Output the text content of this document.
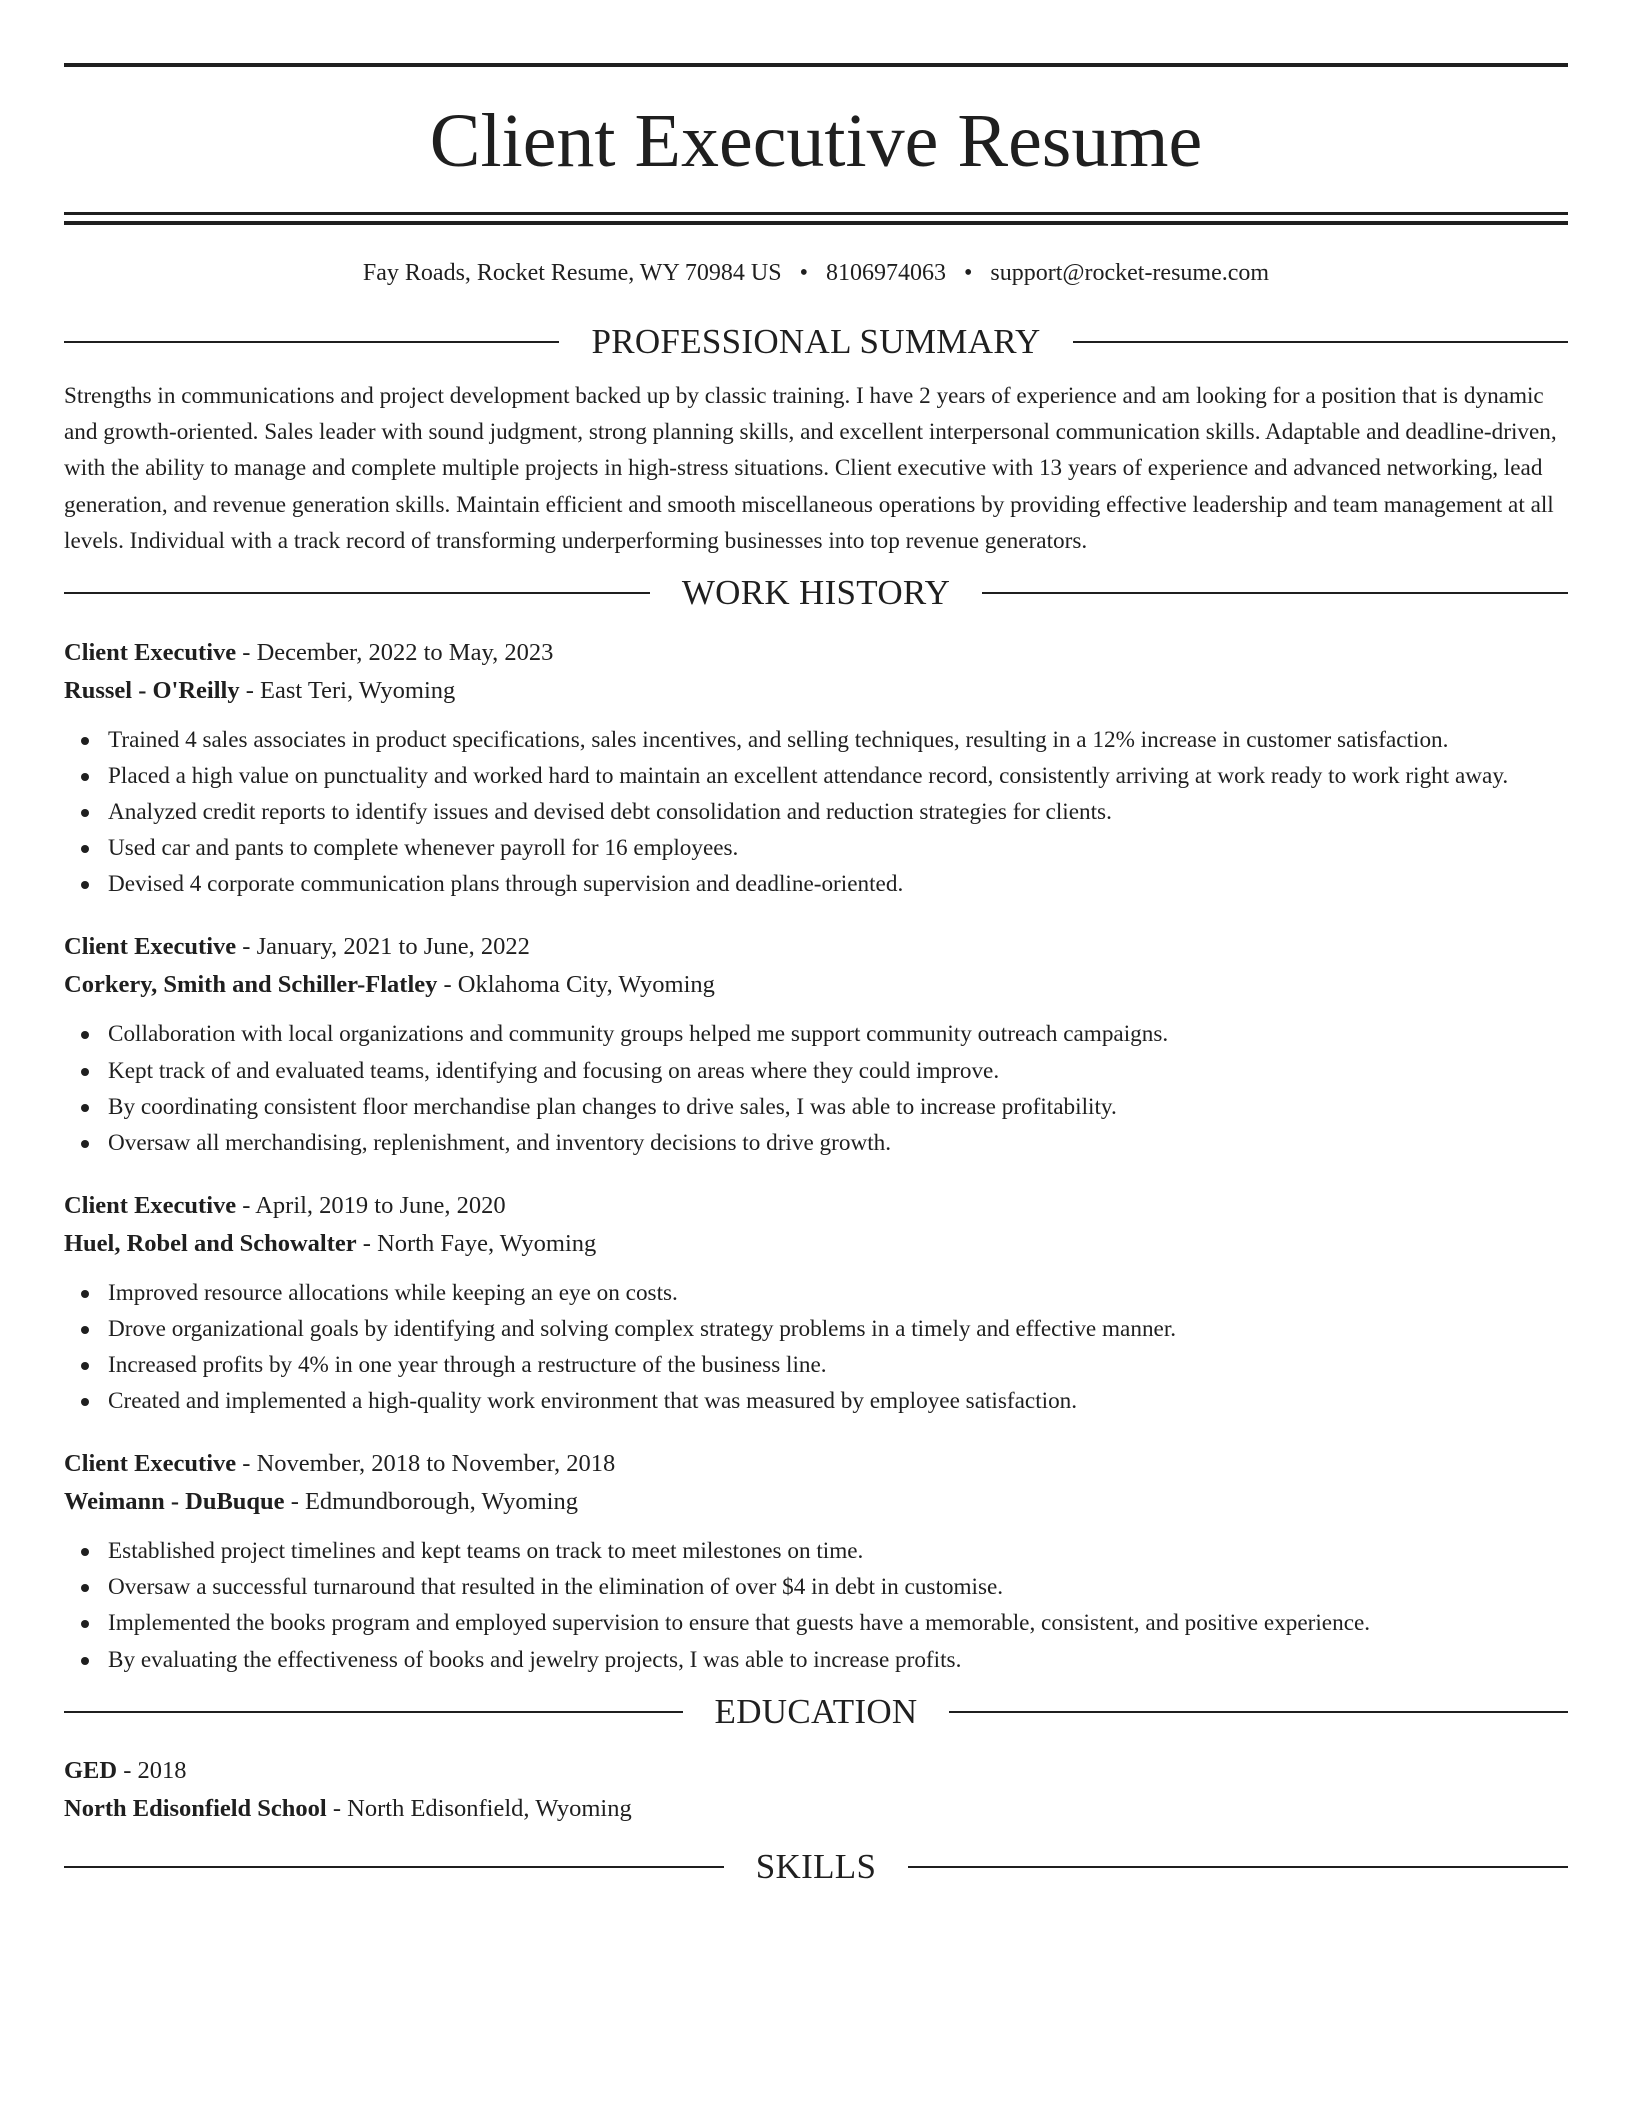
Client Executive Resume
Fay Roads, Rocket Resume, WY 70984 US • 8106974063 • support@rocket-resume.com
PROFESSIONAL SUMMARY

Strengths in communications and project development backed up by classic training. I have 2 years of experience and am looking for a position that is dynamic and growth-oriented. Sales leader with sound judgment, strong planning skills, and excellent interpersonal communication skills. Adaptable and deadline-driven, with the ability to manage and complete multiple projects in high-stress situations. Client executive with 13 years of experience and advanced networking, lead generation, and revenue generation skills. Maintain efficient and smooth miscellaneous operations by providing effective leadership and team management at all levels. Individual with a track record of transforming underperforming businesses into top revenue generators.

WORK HISTORY
Client Executive - December, 2022 to May, 2023
Russel - O'Reilly - East Teri, Wyoming
Trained 4 sales associates in product specifications, sales incentives, and selling techniques, resulting in a 12% increase in customer satisfaction.
Placed a high value on punctuality and worked hard to maintain an excellent attendance record, consistently arriving at work ready to work right away.
Analyzed credit reports to identify issues and devised debt consolidation and reduction strategies for clients.
Used car and pants to complete whenever payroll for 16 employees.
Devised 4 corporate communication plans through supervision and deadline-oriented.
Client Executive - January, 2021 to June, 2022
Corkery, Smith and Schiller-Flatley - Oklahoma City, Wyoming
Collaboration with local organizations and community groups helped me support community outreach campaigns.
Kept track of and evaluated teams, identifying and focusing on areas where they could improve.
By coordinating consistent floor merchandise plan changes to drive sales, I was able to increase profitability.
Oversaw all merchandising, replenishment, and inventory decisions to drive growth.
Client Executive - April, 2019 to June, 2020
Huel, Robel and Schowalter - North Faye, Wyoming
Improved resource allocations while keeping an eye on costs.
Drove organizational goals by identifying and solving complex strategy problems in a timely and effective manner.
Increased profits by 4% in one year through a restructure of the business line.
Created and implemented a high-quality work environment that was measured by employee satisfaction.
Client Executive - November, 2018 to November, 2018
Weimann - DuBuque - Edmundborough, Wyoming
Established project timelines and kept teams on track to meet milestones on time.
Oversaw a successful turnaround that resulted in the elimination of over $4 in debt in customise.
Implemented the books program and employed supervision to ensure that guests have a memorable, consistent, and positive experience.
By evaluating the effectiveness of books and jewelry projects, I was able to increase profits.
EDUCATION
GED - 2018
North Edisonfield School - North Edisonfield, Wyoming
SKILLS
